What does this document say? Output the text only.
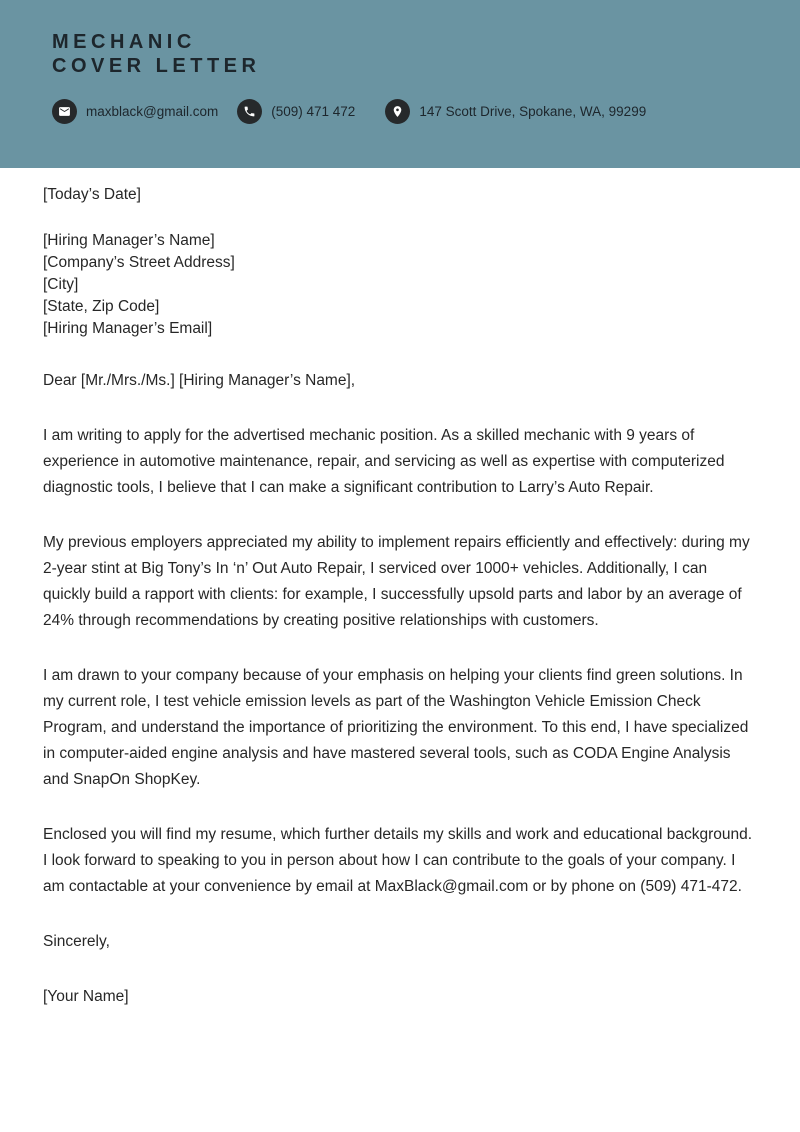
MECHANIC
COVER LETTER
maxblack@gmail.com	(509) 471 472	147 Scott Drive, Spokane, WA, 99299

[Today’s Date]

[Hiring Manager’s Name]
[Company’s Street Address]
[City]
[State, Zip Code]
[Hiring Manager’s Email]

Dear [Mr./Mrs./Ms.] [Hiring Manager’s Name],

I am writing to apply for the advertised mechanic position. As a skilled mechanic with 9 years of experience in automotive maintenance, repair, and servicing as well as expertise with computerized diagnostic tools, I believe that I can make a significant contribution to Larry’s Auto Repair.

My previous employers appreciated my ability to implement repairs efficiently and effectively: during my 2-year stint at Big Tony’s In ‘n’ Out Auto Repair, I serviced over 1000+ vehicles. Additionally, I can quickly build a rapport with clients: for example, I successfully upsold parts and labor by an average of 24% through recommendations by creating positive relationships with customers.

I am drawn to your company because of your emphasis on helping your clients find green solutions. In my current role, I test vehicle emission levels as part of the Washington Vehicle Emission Check Program, and understand the importance of prioritizing the environment. To this end, I have specialized in computer-aided engine analysis and have mastered several tools, such as CODA Engine Analysis and SnapOn ShopKey.

Enclosed you will find my resume, which further details my skills and work and educational background. I look forward to speaking to you in person about how I can contribute to the goals of your company. I am contactable at your convenience by email at MaxBlack@gmail.com or by phone on (509) 471-472.

Sincerely,

[Your Name]
